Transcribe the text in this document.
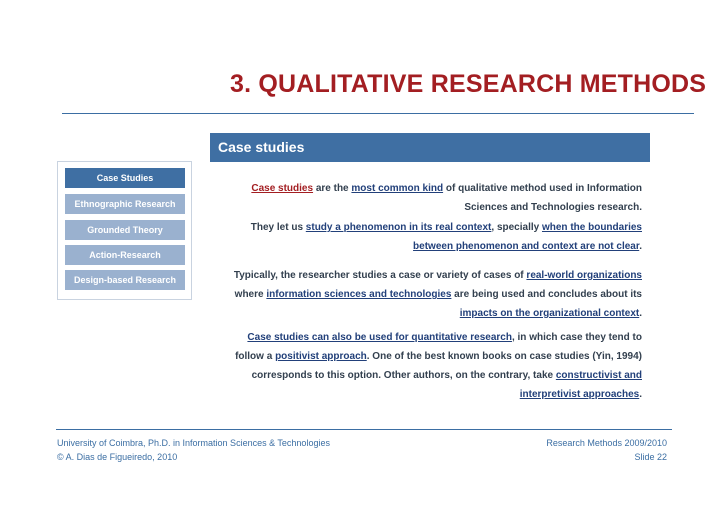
3. QUALITATIVE RESEARCH METHODS
Case studies
Case Studies
Ethnographic Research
Grounded Theory
Action-Research
Design-based Research
Case studies are the most common kind of qualitative method used in Information Sciences and Technologies research.
They let us study a phenomenon in its real context, specially when the boundaries between phenomenon and context are not clear.
Typically, the researcher studies a case or variety of cases of real-world organizations where information sciences and technologies are being used and concludes about its impacts on the organizational context.
Case studies can also be used for quantitative research, in which case they tend to follow a positivist approach. One of the best known books on case studies (Yin, 1994) corresponds to this option. Other authors, on the contrary, take constructivist and interpretivist approaches.
University of Coimbra, Ph.D. in Information Sciences & Technologies
© A. Dias de Figueiredo, 2010
Research Methods 2009/2010
Slide 22
